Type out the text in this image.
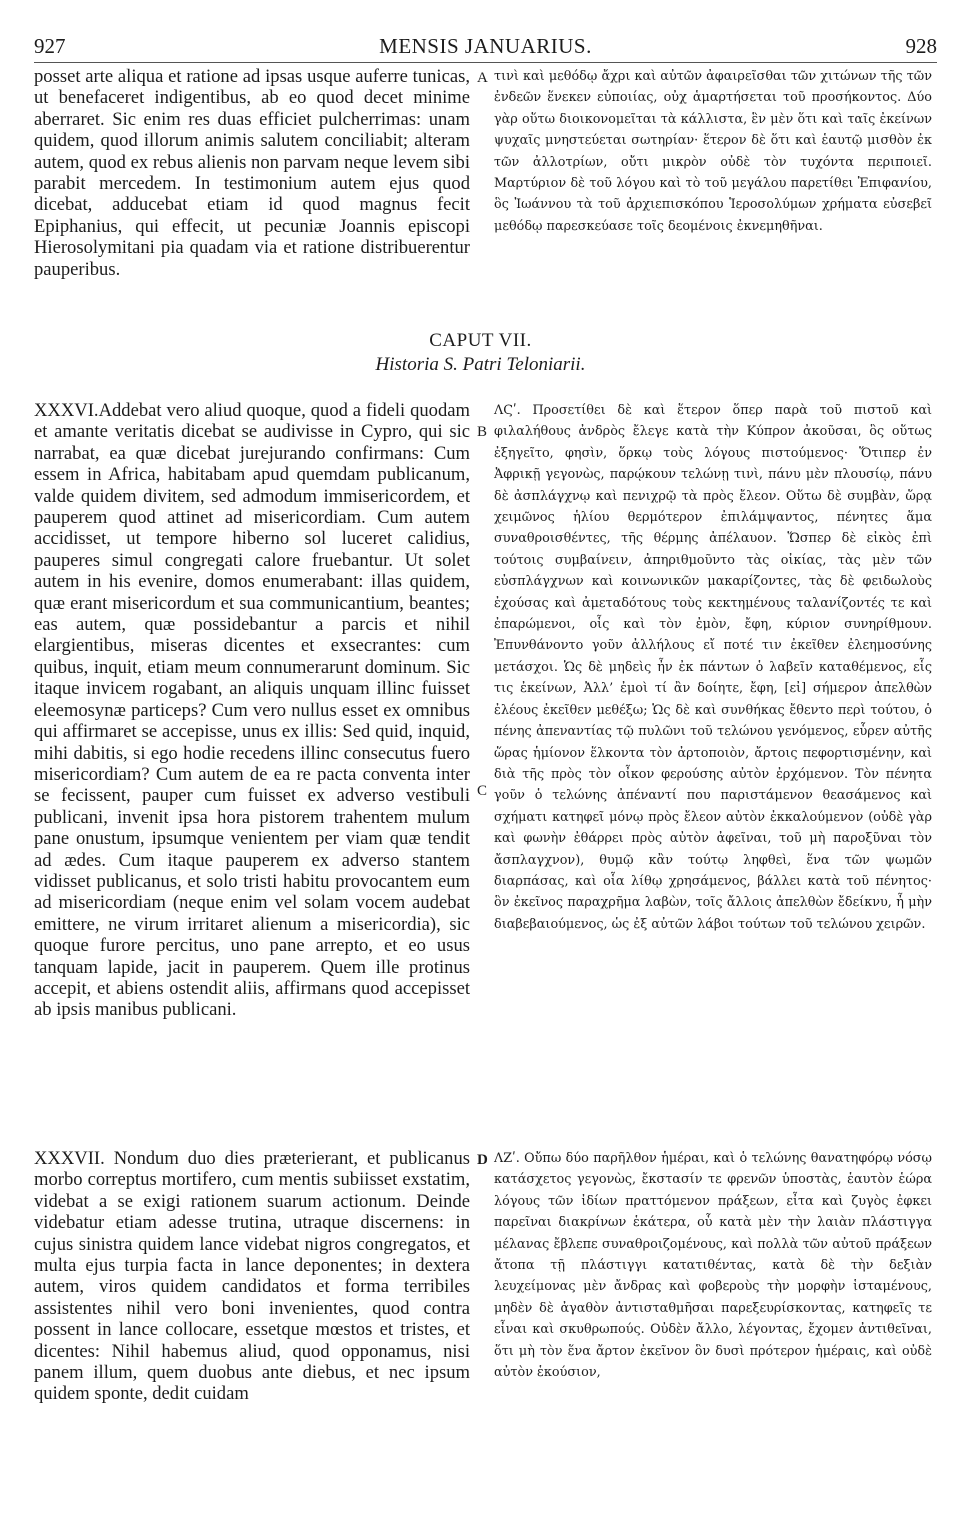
927	MENSIS JANUARIUS.	928

posset arte aliqua et ratione ad ipsas usque auferre tunicas, ut benefaceret indigentibus, ab eo quod decet minime aberraret. Sic enim res duas efficiet pulcherrimas: unam quidem, quod illorum animis salutem conciliabit; alteram autem, quod ex rebus alienis non parvam neque levem sibi parabit mercedem. In testimonium autem ejus quod dicebat, adducebat etiam id quod magnus fecit Epiphanius, qui effecit, ut pecuniæ Joannis episcopi Hierosolymitani pia quadam via et ratione distribuerentur pauperibus.

τινὶ καὶ μεθόδῳ ἄχρι καὶ αὐτῶν ἀφαιρεῖσθαι τῶν χιτώνων τῆς τῶν ἐνδεῶν ἕνεκεν εὐποιίας, οὐχ ἁμαρτήσεται τοῦ προσήκοντος. Δύο γὰρ οὕτω διοικονομεῖται τὰ κάλλιστα, ἓν μὲν ὅτι καὶ ταῖς ἐκείνων ψυχαῖς μνηστεύεται σωτηρίαν· ἕτερον δὲ ὅτι καὶ ἑαυτῷ μισθὸν ἐκ τῶν ἀλλοτρίων, οὔτι μικρὸν οὐδὲ τὸν τυχόντα περιποιεῖ. Μαρτύριον δὲ τοῦ λόγου καὶ τὸ τοῦ μεγάλου παρετίθει Ἐπιφανίου, ὃς Ἰωάννου τὰ τοῦ ἀρχιεπισκόπου Ἱεροσολύμων χρήματα εὐσεβεῖ μεθόδῳ παρεσκεύασε τοῖς δεομένοις ἐκνεμηθῆναι.

CAPUT VII.
Historia S. Patri Teloniarii.

XXXVI.Addebat vero aliud quoque, quod a fideli quodam et amante veritatis dicebat se audivisse in Cypro, qui sic narrabat, ea quæ dicebat jurejurando confirmans: Cum essem in Africa, habitabam apud quemdam publicanum, valde quidem divitem, sed admodum immisericordem, et pauperem quod attinet ad misericordiam. Cum autem accidisset, ut tempore hiberno sol luceret calidius, pauperes simul congregati calore fruebantur. Ut solet autem in his evenire, domos enumerabant: illas quidem, quæ erant misericordum et sua communicantium, beantes; eas autem, quæ possidebantur a parcis et nihil elargientibus, miseras dicentes et exsecrantes: cum quibus, inquit, etiam meum connumerarunt dominum. Sic itaque invicem rogabant, an aliquis unquam illinc fuisset eleemosynæ particeps? Cum vero nullus esset ex omnibus qui affirmaret se accepisse, unus ex illis: Sed quid, inquid, mihi dabitis, si ego hodie recedens illinc consecutus fuero misericordiam? Cum autem de ea re pacta conventa inter se fecissent, pauper cum fuisset ex adverso vestibuli publicani, invenit ipsa hora pistorem trahentem mulum pane onustum, ipsumque venientem per viam quæ tendit ad ædes. Cum itaque pauperem ex adverso stantem vidisset publicanus, et solo tristi habitu provocantem eum ad misericordiam (neque enim vel solam vocem audebat emittere, ne virum irritaret alienum a misericordia), sic quoque furore percitus, uno pane arrepto, et eo usus tanquam lapide, jacit in pauperem. Quem ille protinus accepit, et abiens ostendit aliis, affirmans quod accepisset ab ipsis manibus publicani.

ΛϚʹ. Προσετίθει δὲ καὶ ἕτερον ὅπερ παρὰ τοῦ πιστοῦ καὶ φιλαλήθους ἀνδρὸς ἔλεγε κατὰ τὴν Κύπρον ἀκοῦσαι, ὃς οὕτως ἐξηγεῖτο, φησὶν, ὅρκῳ τοὺς λόγους πιστούμενος· Ὅτιπερ ἐν Ἀφρικῇ γεγονὼς, παρῴκουν τελώνῃ τινὶ, πάνυ μὲν πλουσίῳ, πάνυ δὲ ἀσπλάγχνῳ καὶ πενιχρῷ τὰ πρὸς ἔλεον. Οὕτω δὲ συμβὰν, ὥρᾳ χειμῶνος ἡλίου θερμότερον ἐπιλάμψαντος, πένητες ἅμα συναθροισθέντες, τῆς θέρμης ἀπέλαυον. Ὥσπερ δὲ εἰκὸς ἐπὶ τούτοις συμβαίνειν, ἀπηριθμοῦντο τὰς οἰκίας, τὰς μὲν τῶν εὐσπλάγχνων καὶ κοινωνικῶν μακαρίζοντες, τὰς δὲ φειδωλοὺς ἐχούσας καὶ ἀμεταδότους τοὺς κεκτημένους ταλανίζοντές τε καὶ ἐπαρώμενοι, οἷς καὶ τὸν ἐμὸν, ἔφη, κύριον συνηρίθμουν. Ἐπυνθάνοντο γοῦν ἀλλήλους εἴ ποτέ τιν ἐκεῖθεν ἐλεημοσύνης μετάσχοι. Ὡς δὲ μηδεὶς ἦν ἐκ πάντων ὁ λαβεῖν καταθέμενος, εἷς τις ἐκείνων, Ἀλλ’ ἐμοὶ τί ἂν δοίητε, ἔφη, [εἰ] σήμερον ἀπελθὼν ἐλέους ἐκεῖθεν μεθέξω; Ὡς δὲ καὶ συνθήκας ἔθεντο περὶ τούτου, ὁ πένης ἀπεναντίας τῷ πυλῶνι τοῦ τελώνου γενόμενος, εὗρεν αὐτῆς ὥρας ἡμίονον ἕλκοντα τὸν ἀρτοποιὸν, ἄρτοις πεφορτισμένην, καὶ διὰ τῆς πρὸς τὸν οἶκον φερούσης αὐτὸν ἐρχόμενον. Τὸν πένητα γοῦν ὁ τελώνης ἀπέναντί που παριστάμενον θεασάμενος καὶ σχήματι κατηφεῖ μόνῳ πρὸς ἔλεον αὐτὸν ἐκκαλούμενον (οὐδὲ γὰρ καὶ φωνὴν ἐθάρρει πρὸς αὐτὸν ἀφεῖναι, τοῦ μὴ παροξῦναι τὸν ἄσπλαγχνον), θυμῷ κἂν τούτῳ ληφθεὶ, ἕνα τῶν ψωμῶν διαρπάσας, καὶ οἷα λίθῳ χρησάμενος, βάλλει κατὰ τοῦ πένητος· ὃν ἐκεῖνος παραχρῆμα λαβὼν, τοῖς ἄλλοις ἀπελθὼν ἔδείκνυ, ἦ μὴν διαβεβαιούμενος, ὡς ἐξ αὐτῶν λάβοι τούτων τοῦ τελώνου χειρῶν.

XXXVII. Nondum duo dies præterierant, et publicanus morbo correptus mortifero, cum mentis subiisset exstatim, videbat a se exigi rationem suarum actionum. Deinde videbatur etiam adesse trutina, utraque discernens: in cujus sinistra quidem lance videbat nigros congregatos, et multa ejus turpia facta in lance deponentes; in dextera autem, viros quidem candidatos et forma terribiles assistentes nihil vero boni invenientes, quod contra possent in lance collocare, essetque mœstos et tristes, et dicentes: Nihil habemus aliud, quod opponamus, nisi panem illum, quem duobus ante diebus, et nec ipsum quidem sponte, dedit cuidam

ΛΖʹ. Οὔπω δύο παρῆλθον ἡμέραι, καὶ ὁ τελώνης θανατηφόρῳ νόσῳ κατάσχετος γεγονὼς, ἔκστασίν τε φρενῶν ὑποστὰς, ἑαυτὸν ἑώρα λόγους τῶν ἰδίων πραττόμενον πράξεων, εἶτα καὶ ζυγὸς ἐφκει παρεῖναι διακρίνων ἑκάτερα, οὗ κατὰ μὲν τὴν λαιὰν πλάστιγγα μέλανας ἔβλεπε συναθροιζομένους, καὶ πολλὰ τῶν αὐτοῦ πράξεων ἄτοπα τῇ πλάστιγγι κατατιθέντας, κατὰ δὲ τὴν δεξιὰν λευχείμονας μὲν ἄνδρας καὶ φοβεροὺς τὴν μορφὴν ἱσταμένους, μηδὲν δὲ ἀγαθὸν ἀντισταθμῆσαι παρεξευρίσκοντας, κατηφεῖς τε εἶναι καὶ σκυθρωπούς. Οὐδὲν ἄλλο, λέγοντας, ἔχομεν ἀντιθεῖναι, ὅτι μὴ τὸν ἕνα ἄρτον ἐκεῖνον ὃν δυσὶ πρότερον ἡμέραις, καὶ οὐδὲ αὐτὸν ἑκούσιον,

A
B
C
D
